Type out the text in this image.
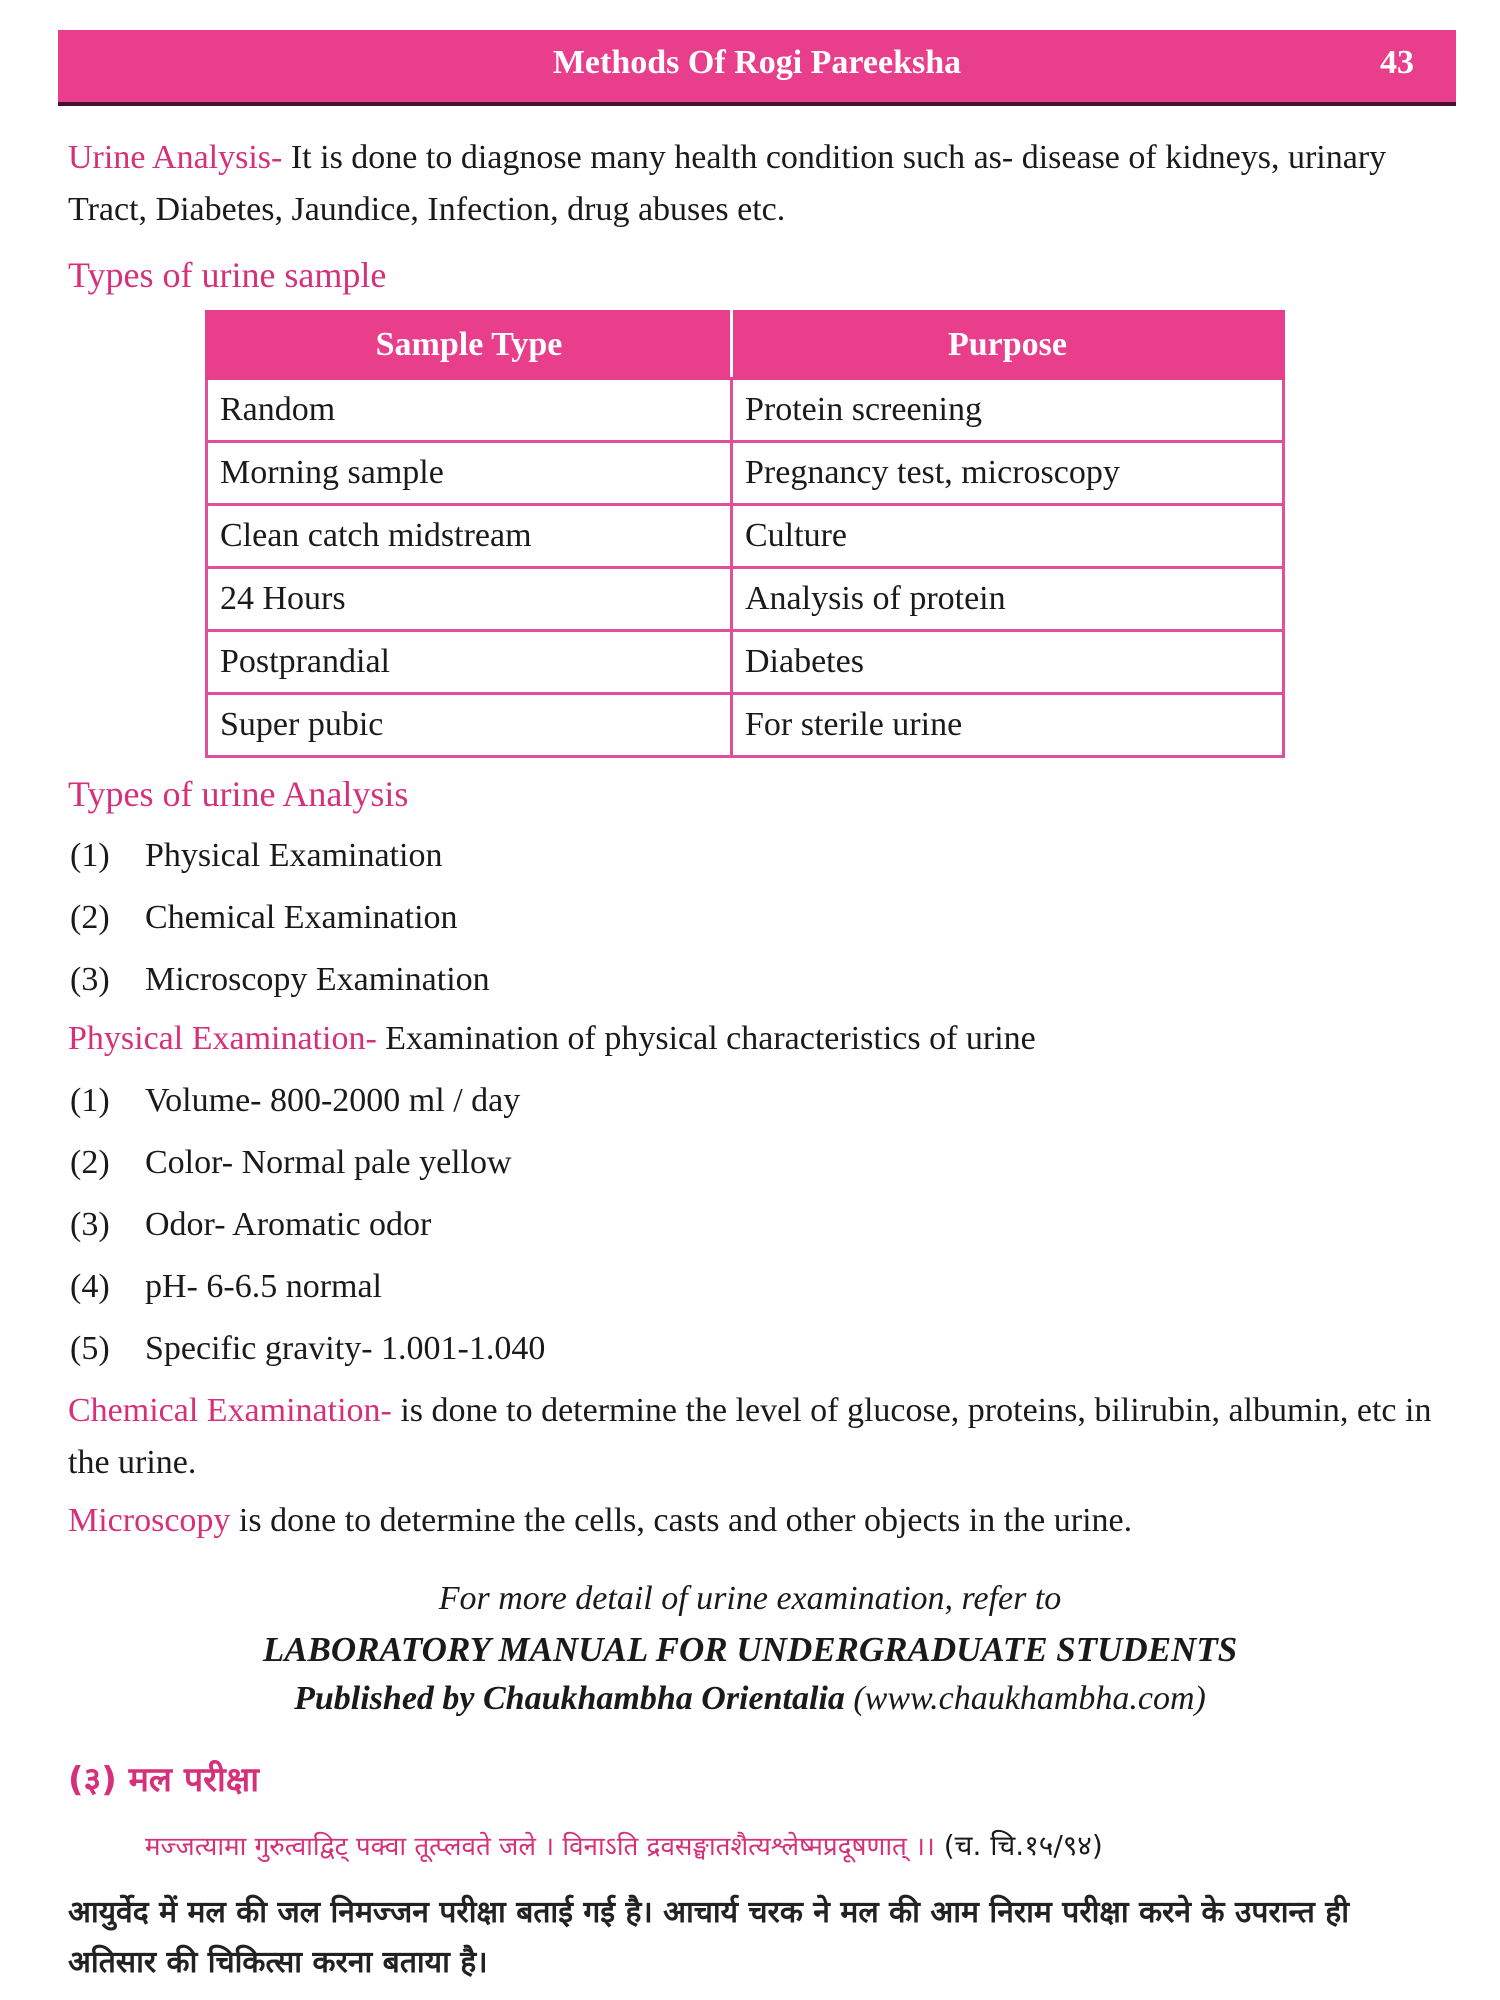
Methods Of Rogi Pareeksha	43
Urine Analysis- It is done to diagnose many health condition such as- disease of kidneys, urinary Tract, Diabetes, Jaundice, Infection, drug abuses etc.
Types of urine sample
Sample Type	Purpose
Random	Protein screening
Morning sample	Pregnancy test, microscopy
Clean catch midstream	Culture
24 Hours	Analysis of protein
Postprandial	Diabetes
Super pubic	For sterile urine
Types of urine Analysis
(1) Physical Examination
(2) Chemical Examination
(3) Microscopy Examination
Physical Examination- Examination of physical characteristics of urine
(1) Volume- 800-2000 ml / day
(2) Color- Normal pale yellow
(3) Odor- Aromatic odor
(4) pH- 6-6.5 normal
(5) Specific gravity- 1.001-1.040
Chemical Examination- is done to determine the level of glucose, proteins, bilirubin, albumin, etc in the urine.
Microscopy is done to determine the cells, casts and other objects in the urine.
For more detail of urine examination, refer to
LABORATORY MANUAL FOR UNDERGRADUATE STUDENTS
Published by Chaukhambha Orientalia (www.chaukhambha.com)
(३) मल परीक्षा
मज्जत्यामा गुरुत्वाद्विट् पक्वा तूत्प्लवते जले । विनाऽति द्रवसङ्घातशैत्यश्लेष्मप्रदूषणात् ।। (च. चि.१५/९४)
आयुर्वेद में मल की जल निमज्जन परीक्षा बताई गई है। आचार्य चरक ने मल की आम निराम परीक्षा करने के उपरान्त ही अतिसार की चिकित्सा करना बताया है।
